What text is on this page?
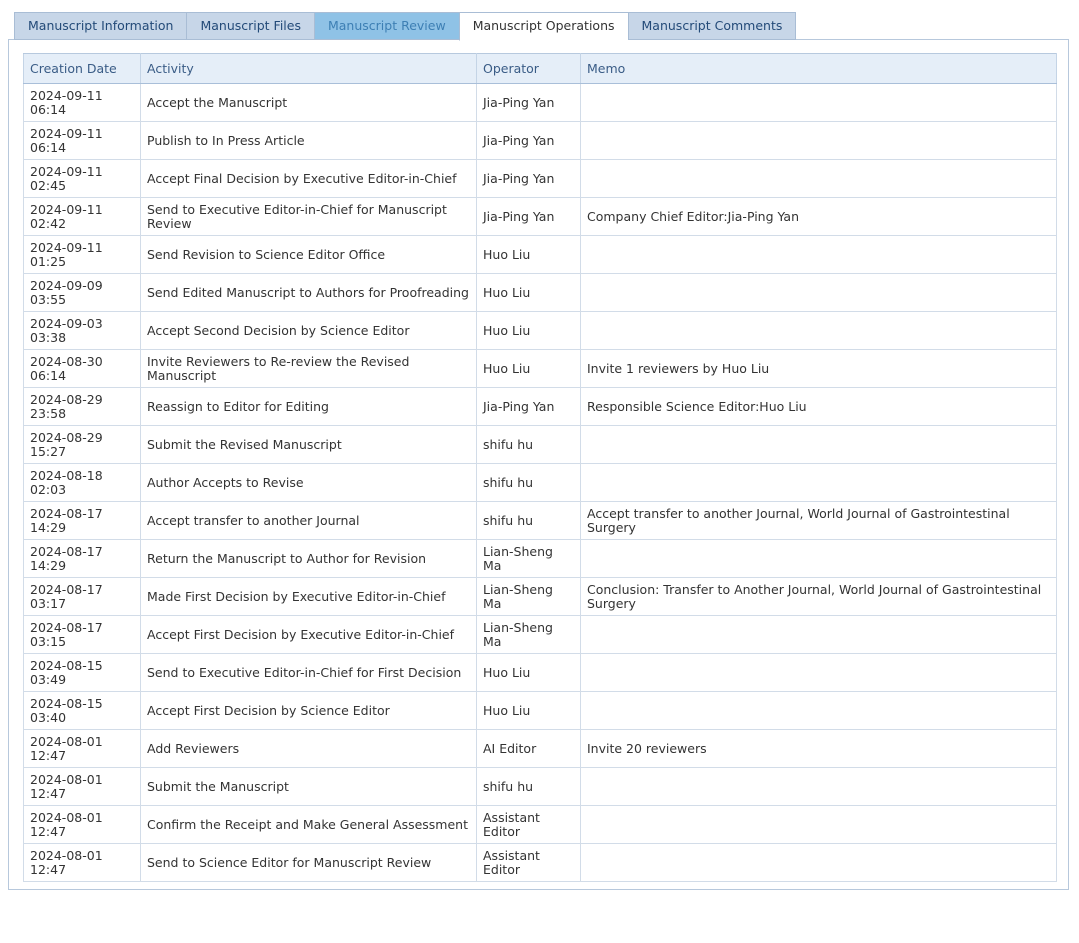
Manuscript Information	Manuscript Files	Manuscript Review	Manuscript Operations	Manuscript Comments
Creation Date	Activity	Operator	Memo
2024-09-11 06:14	Accept the Manuscript	Jia-Ping Yan	
2024-09-11 06:14	Publish to In Press Article	Jia-Ping Yan	
2024-09-11 02:45	Accept Final Decision by Executive Editor-in-Chief	Jia-Ping Yan	
2024-09-11 02:42	Send to Executive Editor-in-Chief for Manuscript Review	Jia-Ping Yan	Company Chief Editor:Jia-Ping Yan
2024-09-11 01:25	Send Revision to Science Editor Office	Huo Liu	
2024-09-09 03:55	Send Edited Manuscript to Authors for Proofreading	Huo Liu	
2024-09-03 03:38	Accept Second Decision by Science Editor	Huo Liu	
2024-08-30 06:14	Invite Reviewers to Re-review the Revised Manuscript	Huo Liu	Invite 1 reviewers by Huo Liu
2024-08-29 23:58	Reassign to Editor for Editing	Jia-Ping Yan	Responsible Science Editor:Huo Liu
2024-08-29 15:27	Submit the Revised Manuscript	shifu hu	
2024-08-18 02:03	Author Accepts to Revise	shifu hu	
2024-08-17 14:29	Accept transfer to another Journal	shifu hu	Accept transfer to another Journal, World Journal of Gastrointestinal Surgery
2024-08-17 14:29	Return the Manuscript to Author for Revision	Lian-Sheng Ma	
2024-08-17 03:17	Made First Decision by Executive Editor-in-Chief	Lian-Sheng Ma	Conclusion: Transfer to Another Journal, World Journal of Gastrointestinal Surgery
2024-08-17 03:15	Accept First Decision by Executive Editor-in-Chief	Lian-Sheng Ma	
2024-08-15 03:49	Send to Executive Editor-in-Chief for First Decision	Huo Liu	
2024-08-15 03:40	Accept First Decision by Science Editor	Huo Liu	
2024-08-01 12:47	Add Reviewers	AI Editor	Invite 20 reviewers
2024-08-01 12:47	Submit the Manuscript	shifu hu	
2024-08-01 12:47	Confirm the Receipt and Make General Assessment	Assistant Editor	
2024-08-01 12:47	Send to Science Editor for Manuscript Review	Assistant Editor	
